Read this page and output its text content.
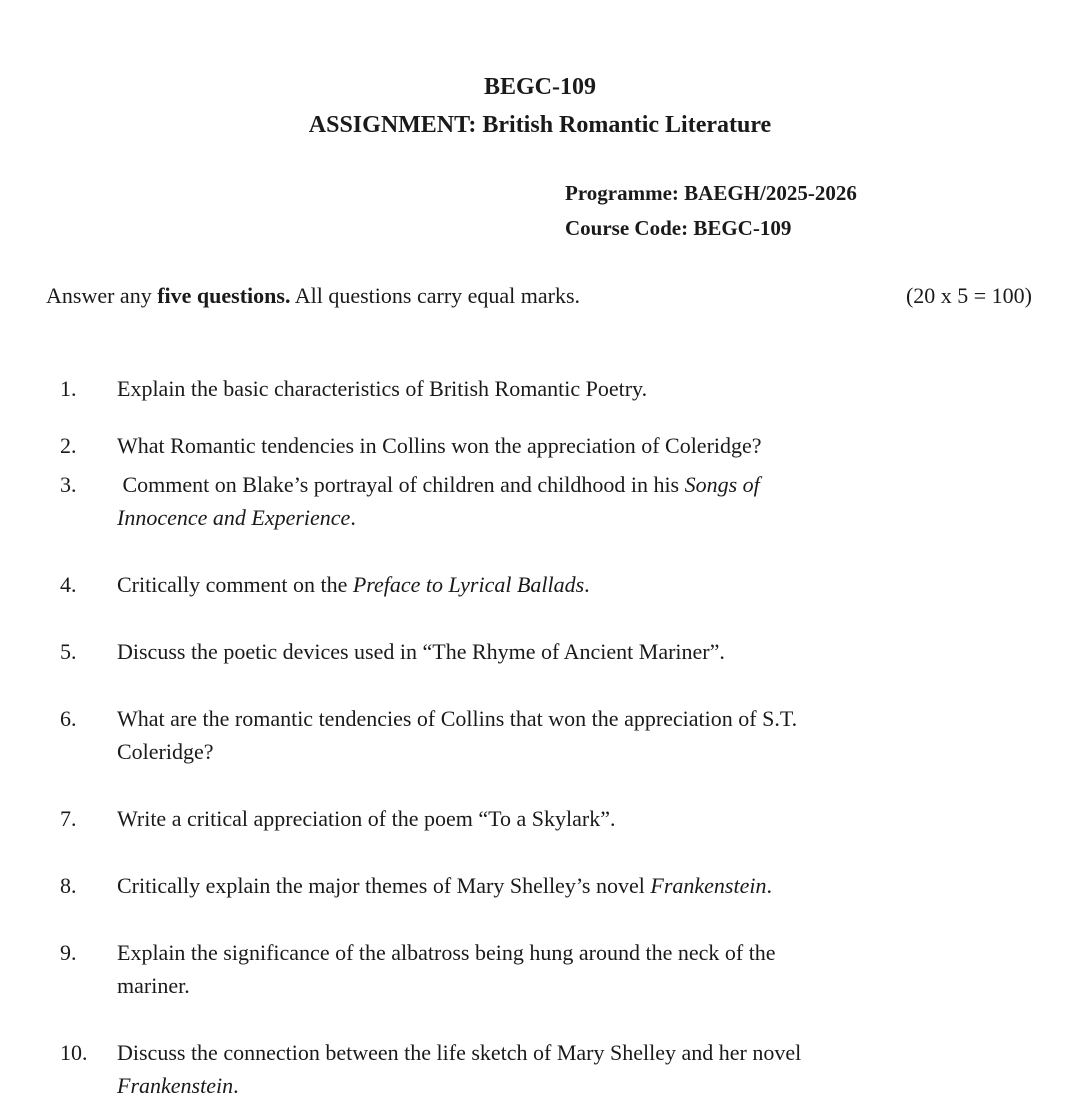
BEGC-109
ASSIGNMENT: British Romantic Literature
Programme: BAEGH/2025-2026
Course Code: BEGC-109
Answer any five questions. All questions carry equal marks.	(20 x 5 = 100)
1.	Explain the basic characteristics of British Romantic Poetry.
2.	What Romantic tendencies in Collins won the appreciation of Coleridge?
3.	Comment on Blake’s portrayal of children and childhood in his Songs of
Innocence and Experience.
4.	Critically comment on the Preface to Lyrical Ballads.
5.	Discuss the poetic devices used in “The Rhyme of Ancient Mariner”.
6.	What are the romantic tendencies of Collins that won the appreciation of S.T.
Coleridge?
7.	Write a critical appreciation of the poem “To a Skylark”.
8.	Critically explain the major themes of Mary Shelley’s novel Frankenstein.
9.	Explain the significance of the albatross being hung around the neck of the
mariner.
10.	Discuss the connection between the life sketch of Mary Shelley and her novel
Frankenstein.
